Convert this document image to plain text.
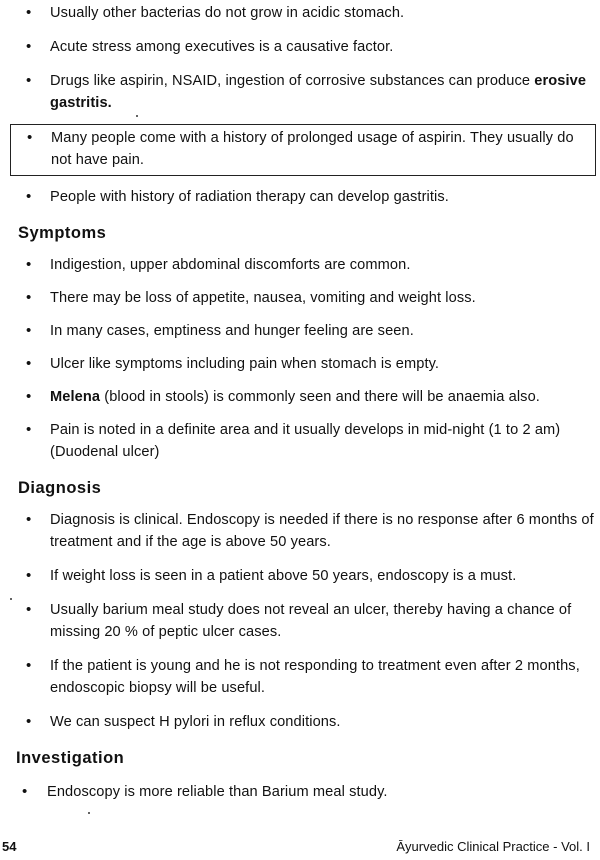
• Usually other bacterias do not grow in acidic stomach.
• Acute stress among executives is a causative factor.
• Drugs like aspirin, NSAID, ingestion of corrosive substances can produce erosive gastritis.
• Many people come with a history of prolonged usage of aspirin. They usually do not have pain.
• People with history of radiation therapy can develop gastritis.
Symptoms
• Indigestion, upper abdominal discomforts are common.
• There may be loss of appetite, nausea, vomiting and weight loss.
• In many cases, emptiness and hunger feeling are seen.
• Ulcer like symptoms including pain when stomach is empty.
• Melena (blood in stools) is commonly seen and there will be anaemia also.
• Pain is noted in a definite area and it usually develops in mid-night (1 to 2 am) (Duodenal ulcer)
Diagnosis
• Diagnosis is clinical. Endoscopy is needed if there is no response after 6 months of treatment and if the age is above 50 years.
• If weight loss is seen in a patient above 50 years, endoscopy is a must.
• Usually barium meal study does not reveal an ulcer, thereby having a chance of missing 20 % of peptic ulcer cases.
• If the patient is young and he is not responding to treatment even after 2 months, endoscopic biopsy will be useful.
• We can suspect H pylori in reflux conditions.
Investigation
• Endoscopy is more reliable than Barium meal study.
54	Āyurvedic Clinical Practice - Vol. I
